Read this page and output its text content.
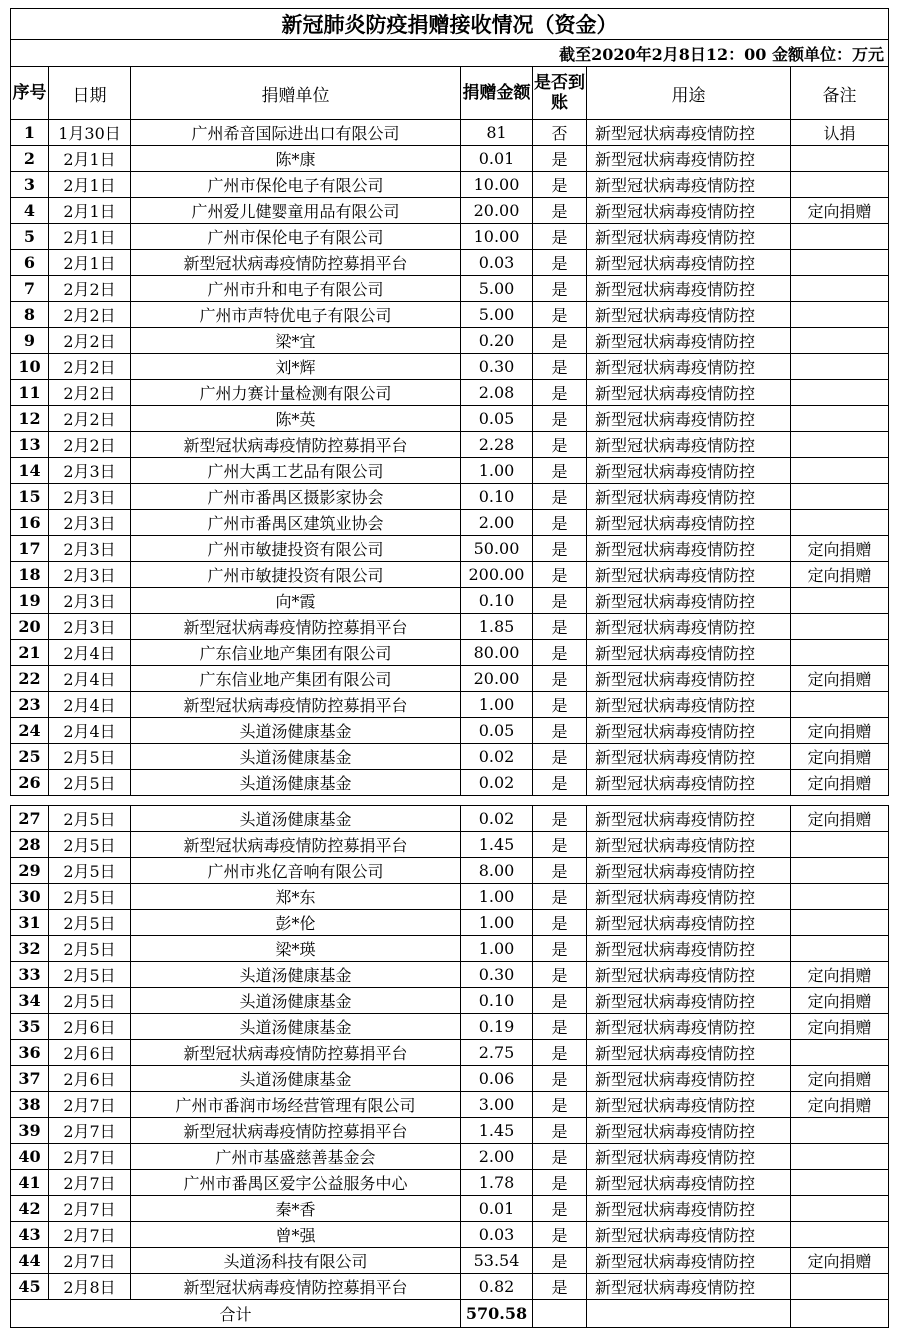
新冠肺炎防疫捐赠接收情况（资金）						
截至2020年2月8日12：00 金额单位：万元						
序号	日期	捐赠单位	捐赠金额	是否到账	用途	备注
1	1月30日	广州希音国际进出口有限公司	81	否	新型冠状病毒疫情防控	认捐
2	2月1日	陈*康	0.01	是	新型冠状病毒疫情防控	
3	2月1日	广州市保伦电子有限公司	10.00	是	新型冠状病毒疫情防控	
4	2月1日	广州爱儿健婴童用品有限公司	20.00	是	新型冠状病毒疫情防控	定向捐赠
5	2月1日	广州市保伦电子有限公司	10.00	是	新型冠状病毒疫情防控	
6	2月1日	新型冠状病毒疫情防控募捐平台	0.03	是	新型冠状病毒疫情防控	
7	2月2日	广州市升和电子有限公司	5.00	是	新型冠状病毒疫情防控	
8	2月2日	广州市声特优电子有限公司	5.00	是	新型冠状病毒疫情防控	
9	2月2日	梁*宜	0.20	是	新型冠状病毒疫情防控	
10	2月2日	刘*辉	0.30	是	新型冠状病毒疫情防控	
11	2月2日	广州力赛计量检测有限公司	2.08	是	新型冠状病毒疫情防控	
12	2月2日	陈*英	0.05	是	新型冠状病毒疫情防控	
13	2月2日	新型冠状病毒疫情防控募捐平台	2.28	是	新型冠状病毒疫情防控	
14	2月3日	广州大禹工艺品有限公司	1.00	是	新型冠状病毒疫情防控	
15	2月3日	广州市番禺区摄影家协会	0.10	是	新型冠状病毒疫情防控	
16	2月3日	广州市番禺区建筑业协会	2.00	是	新型冠状病毒疫情防控	
17	2月3日	广州市敏捷投资有限公司	50.00	是	新型冠状病毒疫情防控	定向捐赠
18	2月3日	广州市敏捷投资有限公司	200.00	是	新型冠状病毒疫情防控	定向捐赠
19	2月3日	向*霞	0.10	是	新型冠状病毒疫情防控	
20	2月3日	新型冠状病毒疫情防控募捐平台	1.85	是	新型冠状病毒疫情防控	
21	2月4日	广东信业地产集团有限公司	80.00	是	新型冠状病毒疫情防控	
22	2月4日	广东信业地产集团有限公司	20.00	是	新型冠状病毒疫情防控	定向捐赠
23	2月4日	新型冠状病毒疫情防控募捐平台	1.00	是	新型冠状病毒疫情防控	
24	2月4日	头道汤健康基金	0.05	是	新型冠状病毒疫情防控	定向捐赠
25	2月5日	头道汤健康基金	0.02	是	新型冠状病毒疫情防控	定向捐赠
26	2月5日	头道汤健康基金	0.02	是	新型冠状病毒疫情防控	定向捐赠

27	2月5日	头道汤健康基金	0.02	是	新型冠状病毒疫情防控	定向捐赠
28	2月5日	新型冠状病毒疫情防控募捐平台	1.45	是	新型冠状病毒疫情防控	
29	2月5日	广州市兆亿音响有限公司	8.00	是	新型冠状病毒疫情防控	
30	2月5日	郑*东	1.00	是	新型冠状病毒疫情防控	
31	2月5日	彭*伦	1.00	是	新型冠状病毒疫情防控	
32	2月5日	梁*瑛	1.00	是	新型冠状病毒疫情防控	
33	2月5日	头道汤健康基金	0.30	是	新型冠状病毒疫情防控	定向捐赠
34	2月5日	头道汤健康基金	0.10	是	新型冠状病毒疫情防控	定向捐赠
35	2月6日	头道汤健康基金	0.19	是	新型冠状病毒疫情防控	定向捐赠
36	2月6日	新型冠状病毒疫情防控募捐平台	2.75	是	新型冠状病毒疫情防控	
37	2月6日	头道汤健康基金	0.06	是	新型冠状病毒疫情防控	定向捐赠
38	2月7日	广州市番润市场经营管理有限公司	3.00	是	新型冠状病毒疫情防控	定向捐赠
39	2月7日	新型冠状病毒疫情防控募捐平台	1.45	是	新型冠状病毒疫情防控	
40	2月7日	广州市基盛慈善基金会	2.00	是	新型冠状病毒疫情防控	
41	2月7日	广州市番禺区爱宇公益服务中心	1.78	是	新型冠状病毒疫情防控	
42	2月7日	秦*香	0.01	是	新型冠状病毒疫情防控	
43	2月7日	曾*强	0.03	是	新型冠状病毒疫情防控	
44	2月7日	头道汤科技有限公司	53.54	是	新型冠状病毒疫情防控	定向捐赠
45	2月8日	新型冠状病毒疫情防控募捐平台	0.82	是	新型冠状病毒疫情防控	
合计			570.58			
